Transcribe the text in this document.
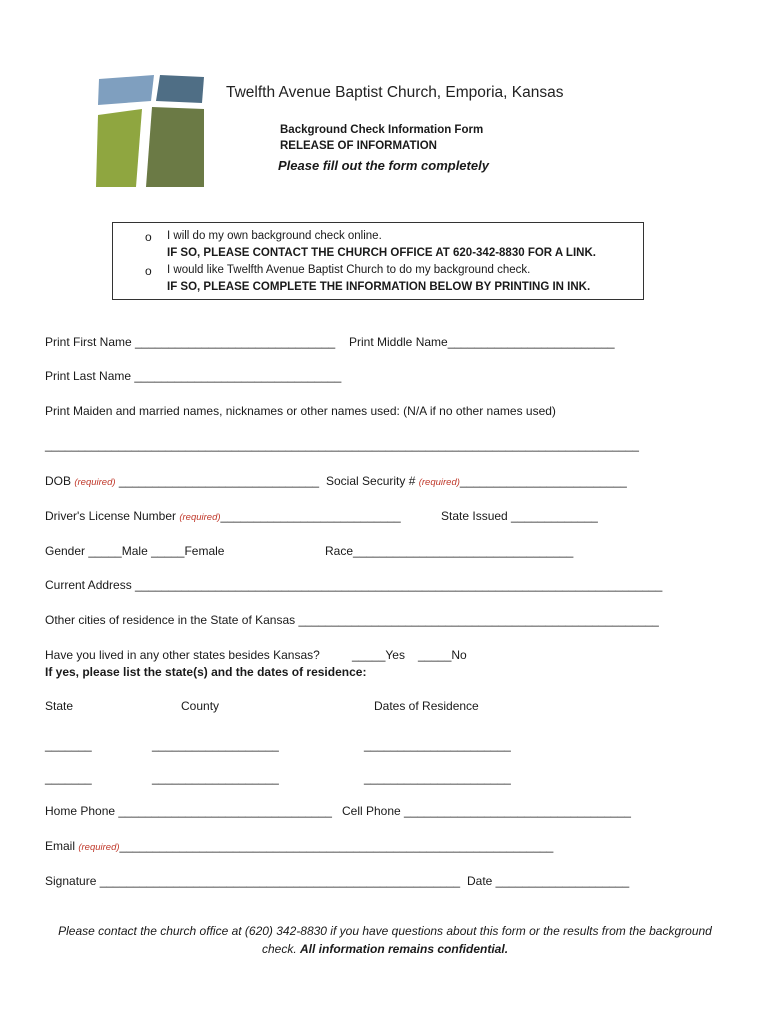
Twelfth Avenue Baptist Church, Emporia, Kansas
Background Check Information Form
RELEASE OF INFORMATION
Please fill out the form completely
o I will do my own background check online.
IF SO, PLEASE CONTACT THE CHURCH OFFICE AT 620-342-8830 FOR A LINK.
o I would like Twelfth Avenue Baptist Church to do my background check.
IF SO, PLEASE COMPLETE THE INFORMATION BELOW BY PRINTING IN INK.
Print First Name ______________________________ Print Middle Name_________________________
Print Last Name _______________________________
Print Maiden and married names, nicknames or other names used: (N/A if no other names used)
_________________________________________________________________________________________
DOB (required) ______________________________ Social Security # (required)_________________________
Driver's License Number (required)___________________________	State Issued _____________
Gender _____Male _____Female	Race_________________________________
Current Address _______________________________________________________________________________
Other cities of residence in the State of Kansas ______________________________________________________
Have you lived in any other states besides Kansas?	_____Yes _____No
If yes, please list the state(s) and the dates of residence:
State	County	Dates of Residence
_______	___________________	______________________
_______	___________________	______________________
Home Phone ________________________________ Cell Phone __________________________________
Email (required)_________________________________________________________________
Signature ______________________________________________________ Date ____________________
Please contact the church office at (620) 342-8830 if you have questions about this form or the results from the background check. All information remains confidential.
